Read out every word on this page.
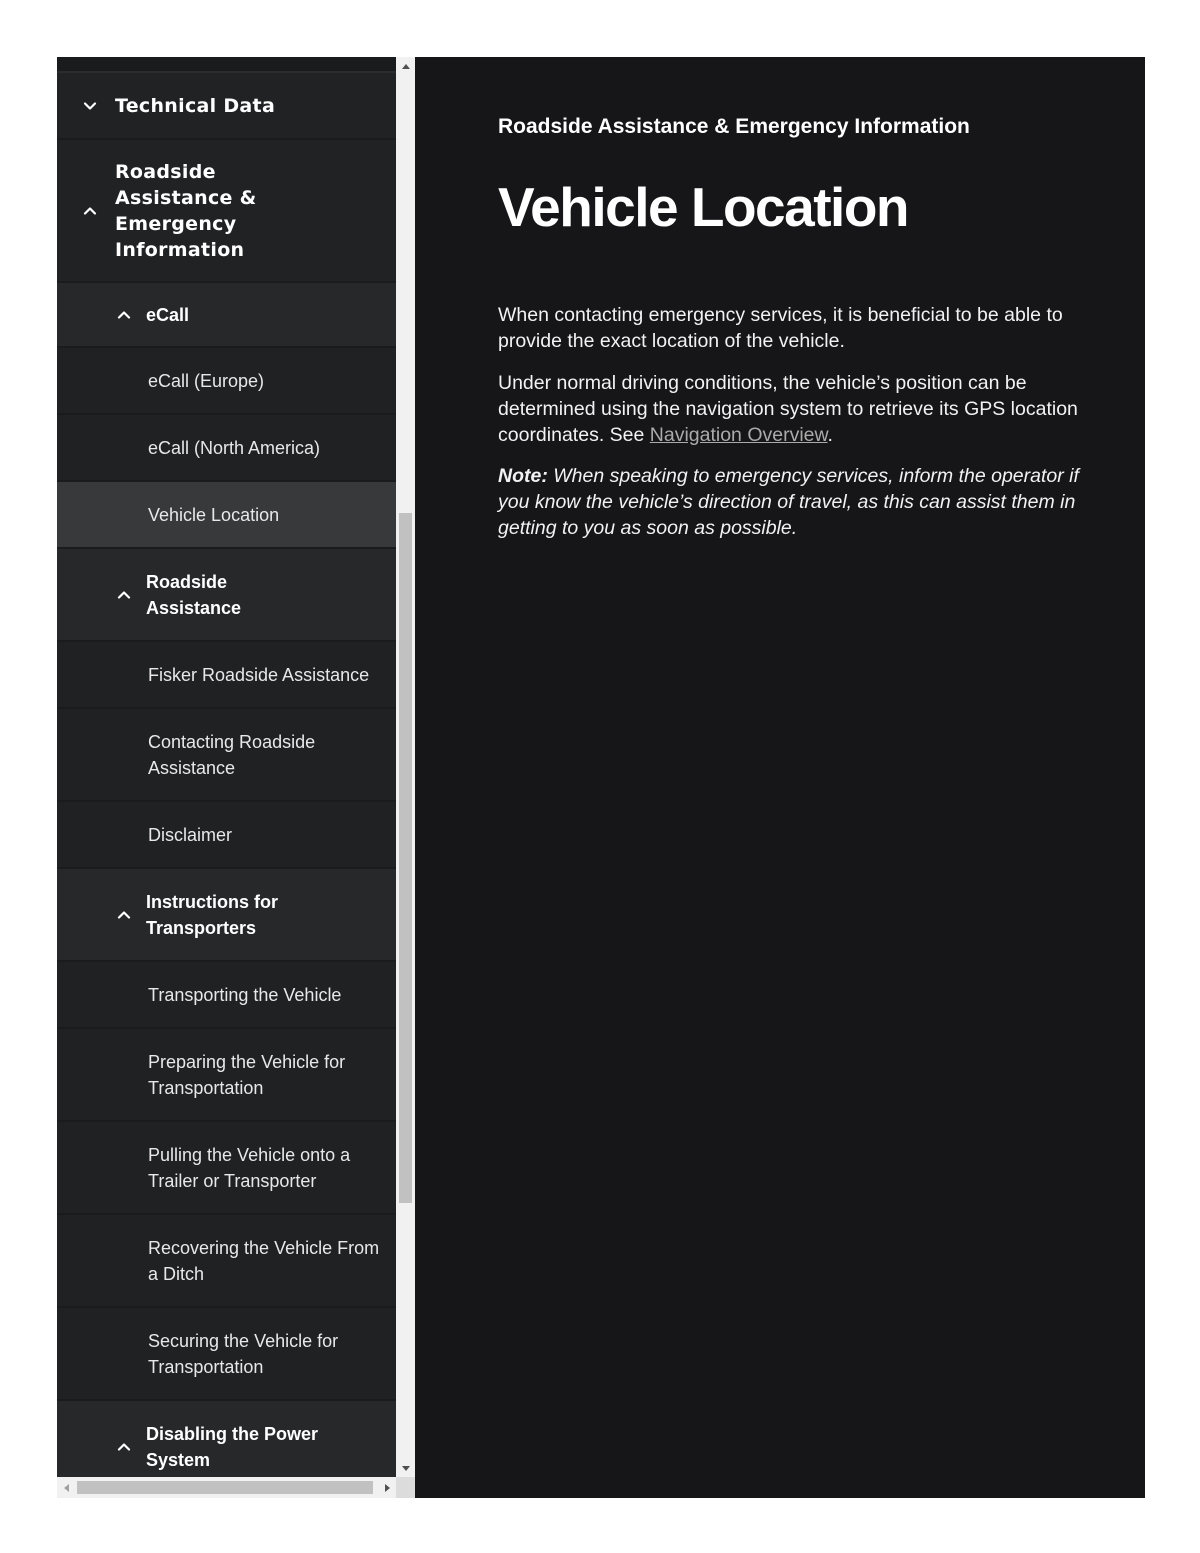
Technical Data
Roadside Assistance & Emergency Information
eCall
eCall (Europe)
eCall (North America)
Vehicle Location
Roadside Assistance
Fisker Roadside Assistance
Contacting Roadside Assistance
Disclaimer
Instructions for Transporters
Transporting the Vehicle
Preparing the Vehicle for Transportation
Pulling the Vehicle onto a Trailer or Transporter
Recovering the Vehicle From a Ditch
Securing the Vehicle for Transportation
Disabling the Power System
Roadside Assistance & Emergency Information
Vehicle Location

When contacting emergency services, it is beneficial to be able to provide the exact location of the vehicle.

Under normal driving conditions, the vehicle’s position can be determined using the navigation system to retrieve its GPS location coordinates. See Navigation Overview.

Note: When speaking to emergency services, inform the operator if you know the vehicle’s direction of travel, as this can assist them in getting to you as soon as possible.
